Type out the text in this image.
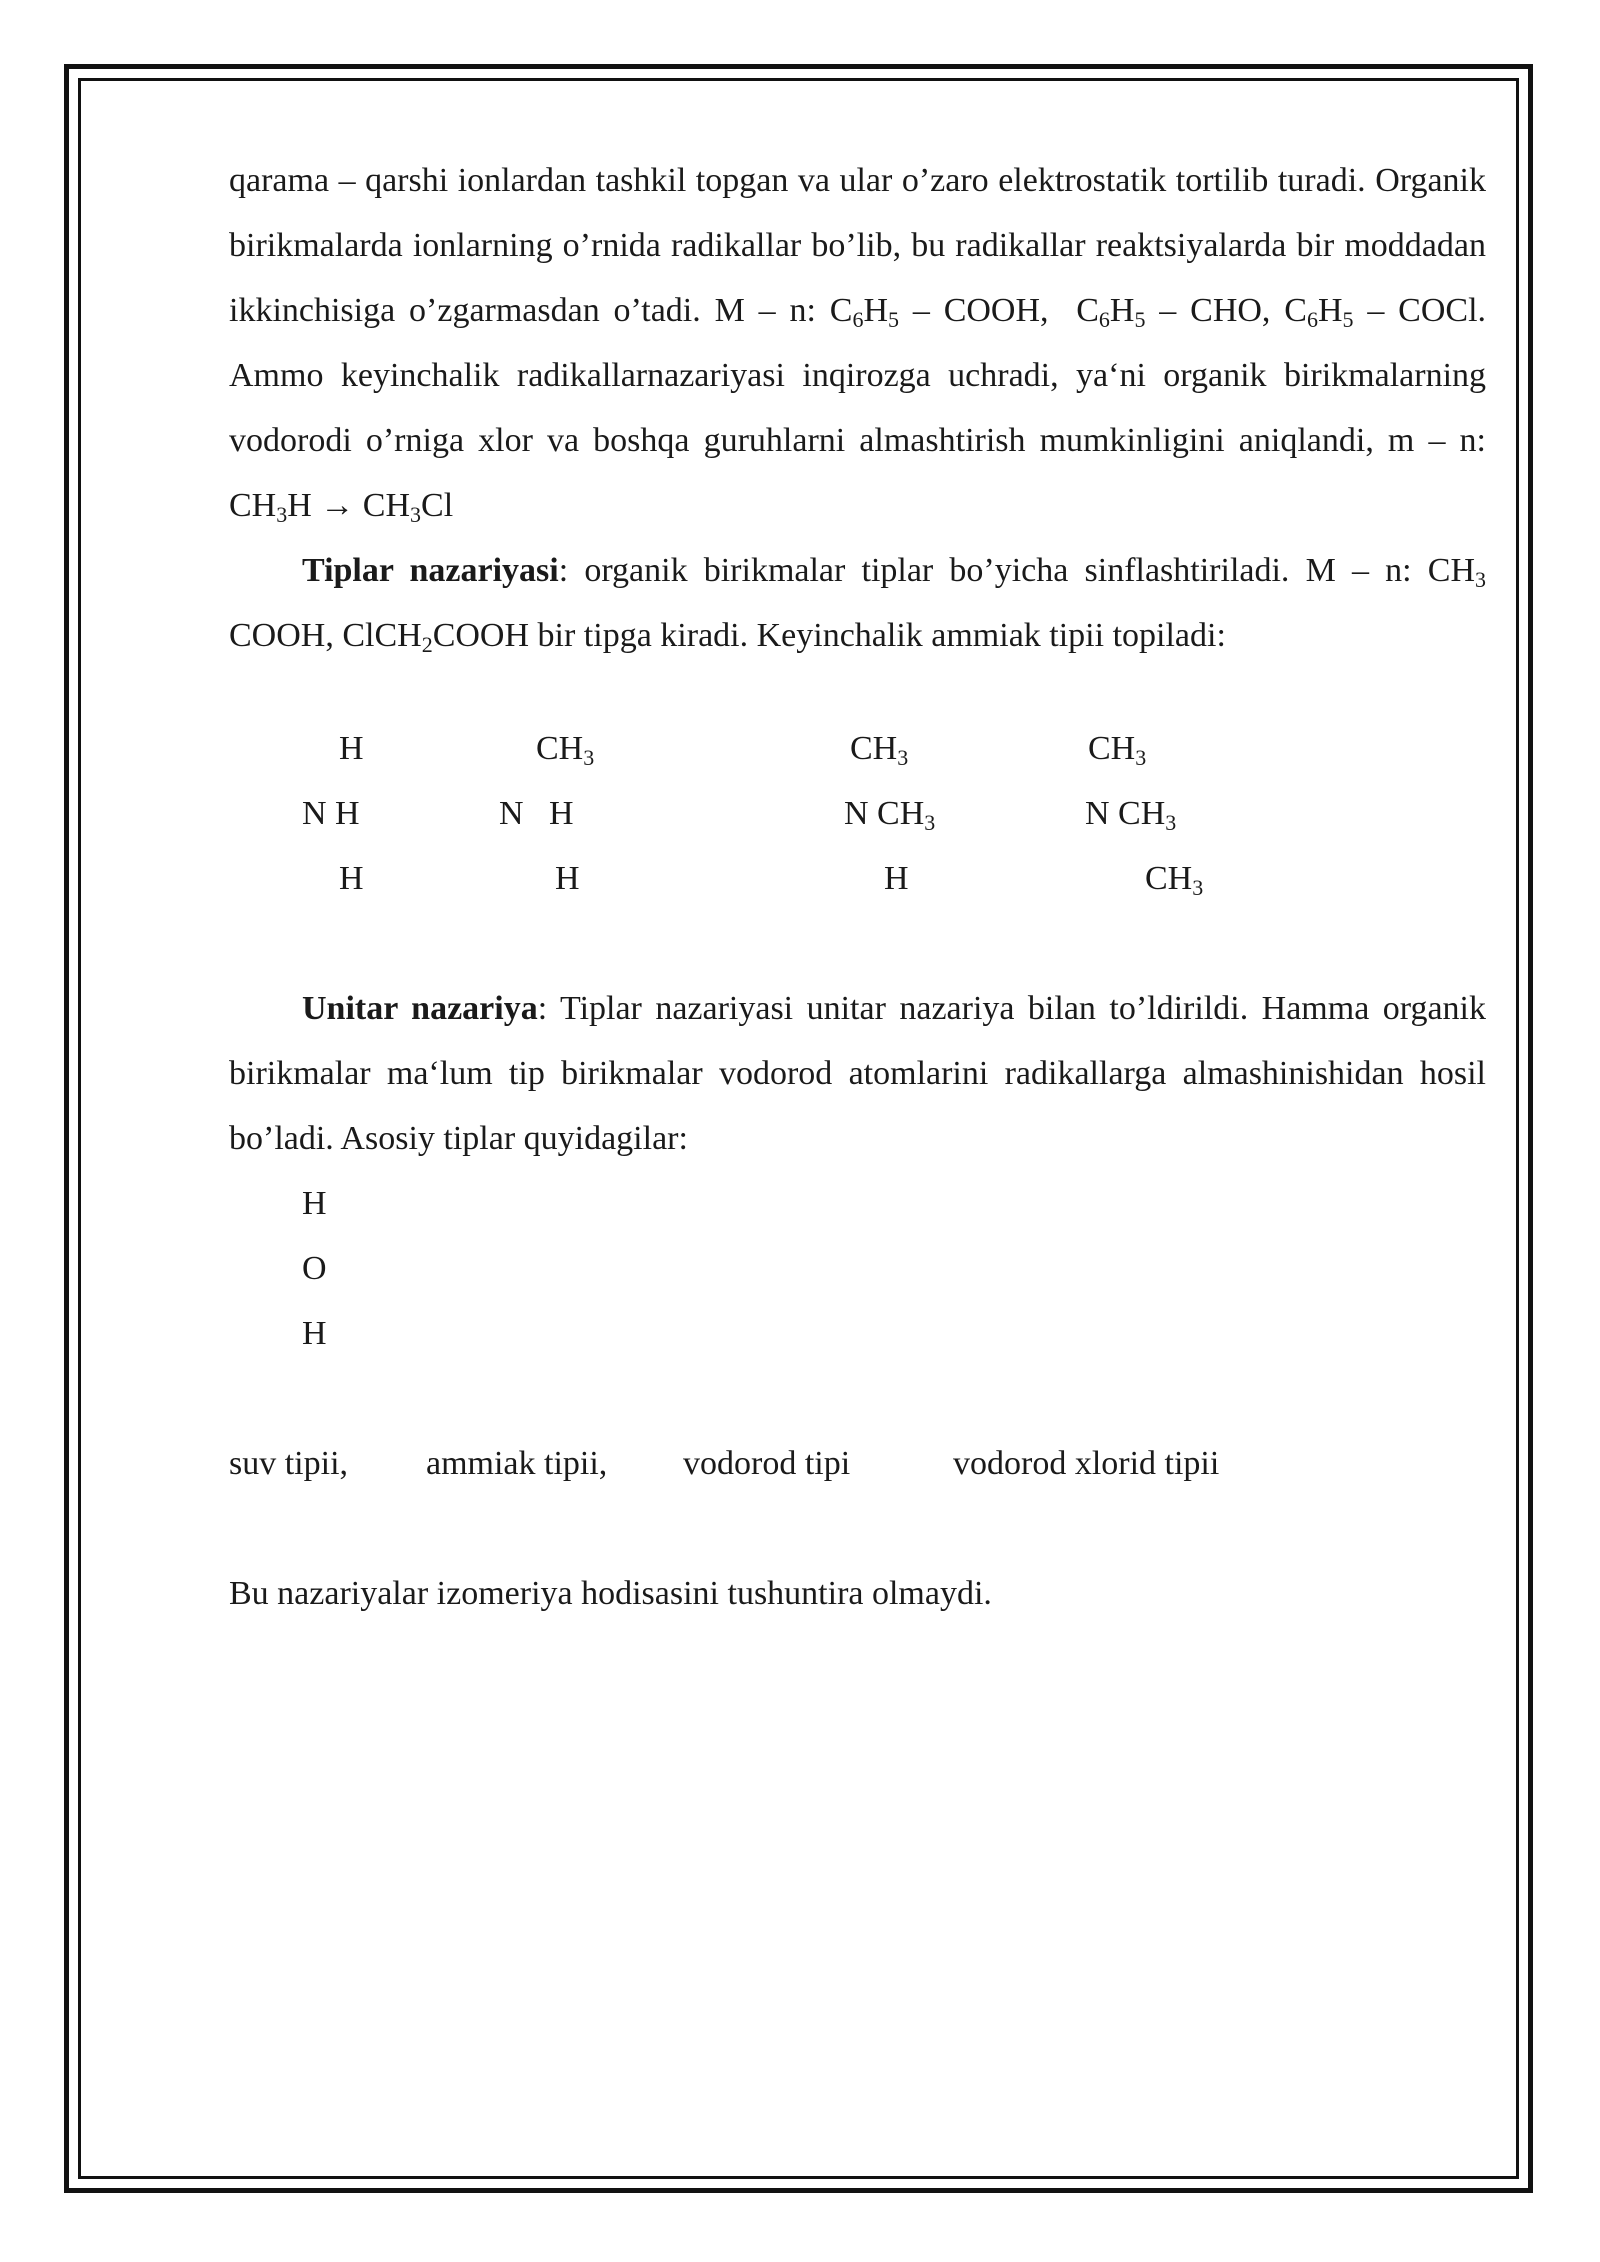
qarama – qarshi ionlardan tashkil topgan va ular o’zaro elektrostatik tortilib turadi. Organik birikmalarda ionlarning o’rnida radikallar bo’lib, bu radikallar reaktsiyalarda bir moddadan ikkinchisiga o’zgarmasdan o’tadi. M – n: $C_6H_5$ – COOH,  $C_6H_5$ – CHO, $C_6H_5$ – COCl. Ammo keyinchalik radikallarnazariyasi inqirozga uchradi, ya‘ni organik birikmalarning vodorodi o’rniga xlor va boshqa guruhlarni almashtirish mumkinligini aniqlandi, m – n: $CH_3H \to CH_3Cl$

Tiplar nazariyasi: organik birikmalar tiplar bo’yicha sinflashtiriladi. M – n: $CH_3$ COOH, ClCH$_2$COOH bir tipga kiradi. Keyinchalik ammiak tipii topiladi:

H
N H
H
$CH_3$
N   H
H
$CH_3$
N $CH_3$
H
$CH_3$
N $CH_3$
$CH_3$

Unitar nazariya: Tiplar nazariyasi unitar nazariya bilan to’ldirildi. Hamma organik birikmalar ma‘lum tip birikmalar vodorod atomlarini radikallarga almashinishidan hosil bo’ladi. Asosiy tiplar quyidagilar:

H
O
H
suv tipii, ammiak tipii, vodorod tipi	vodorod xlorid tipii

Bu nazariyalar izomeriya hodisasini tushuntira olmaydi.
